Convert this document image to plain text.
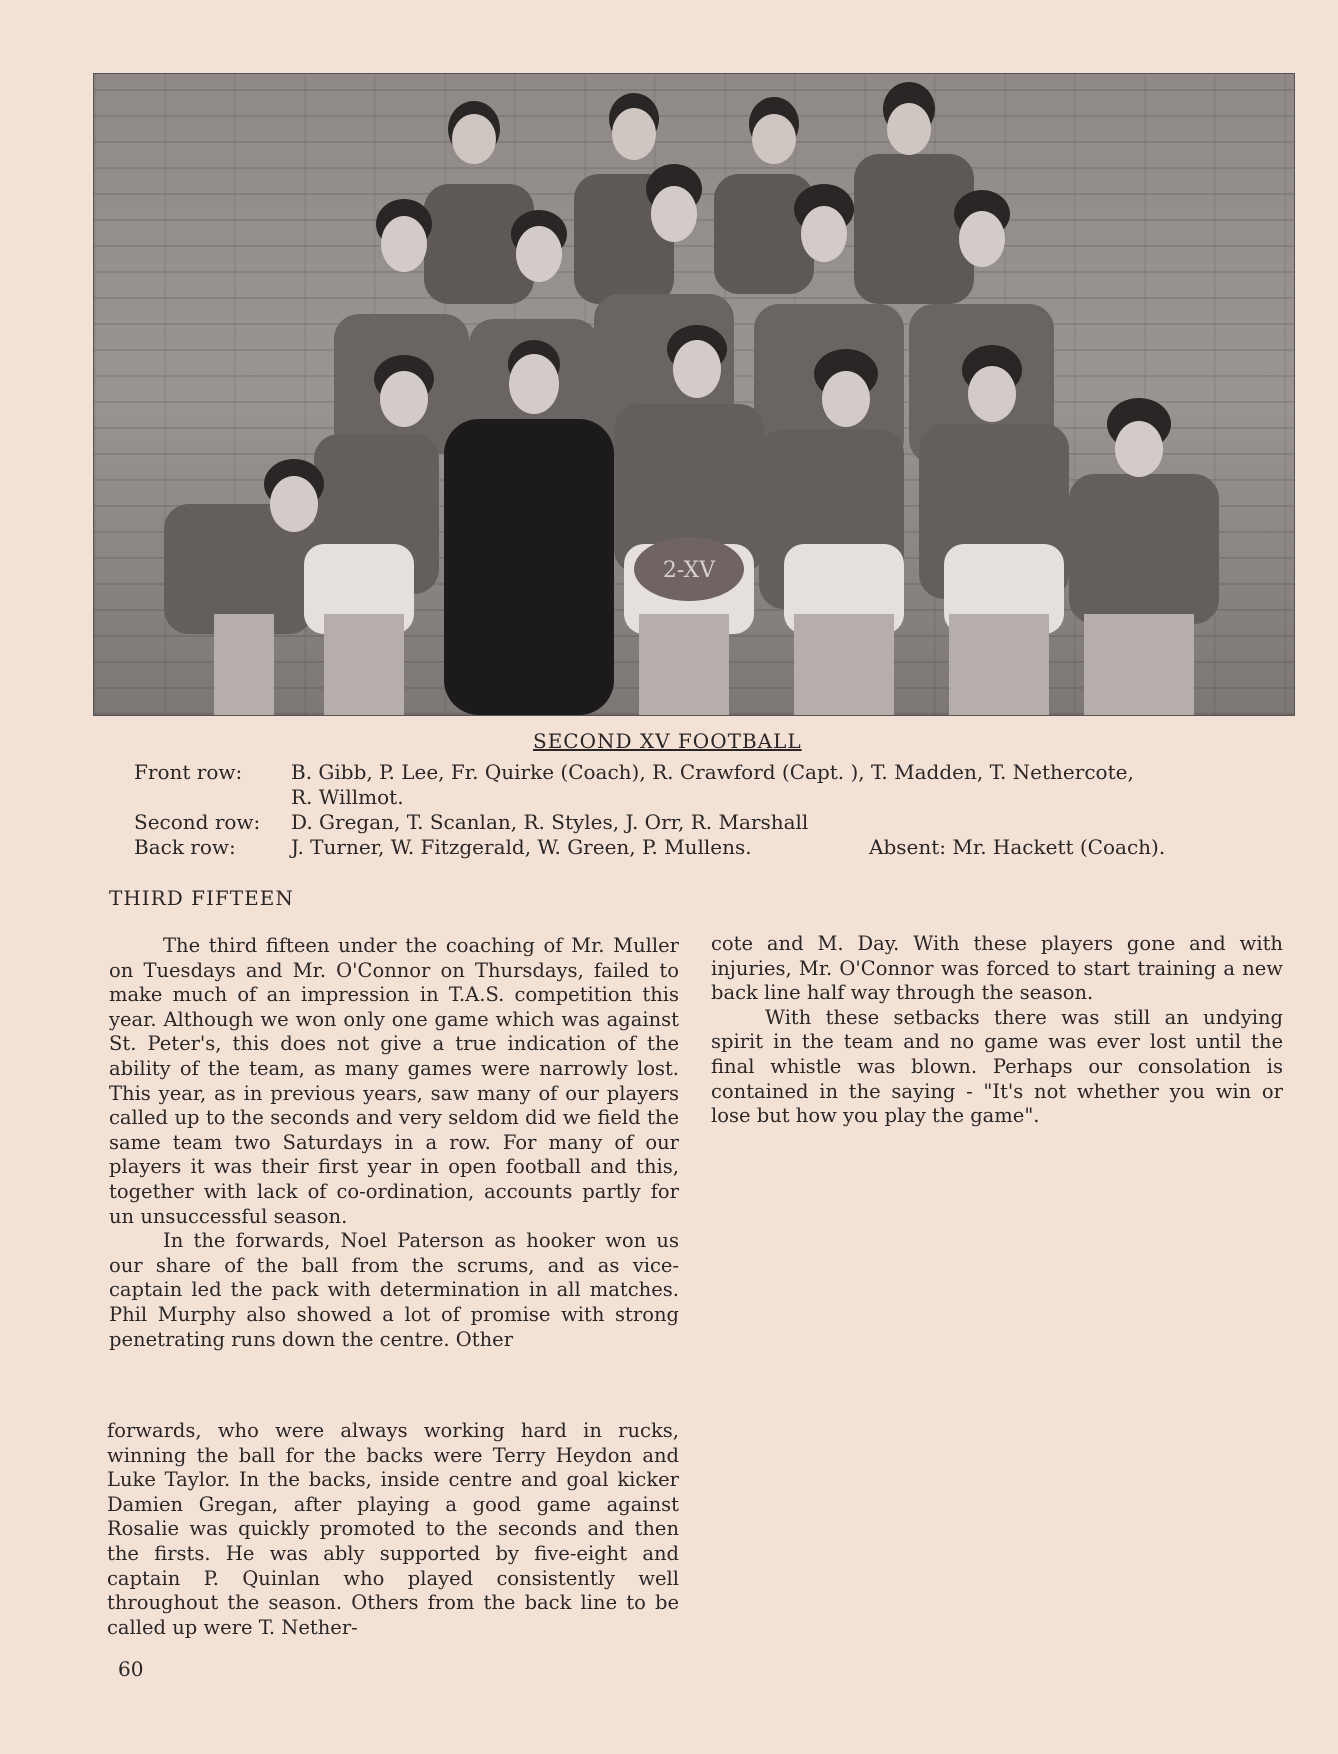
2-XV
SECOND XV FOOTBALL
Front row:	B. Gibb, P. Lee, Fr. Quirke (Coach), R. Crawford (Capt. ), T. Madden, T. Nethercote,
R. Willmot.
Second row:	D. Gregan, T. Scanlan, R. Styles, J. Orr, R. Marshall
Back row:	J. Turner, W. Fitzgerald, W. Green, P. Mullens.	Absent: Mr. Hackett (Coach).
THIRD FIFTEEN

The third fifteen under the coaching of Mr. Muller on Tuesdays and Mr. O'Connor on Thursdays, failed to make much of an impression in T.A.S. competition this year. Although we won only one game which was against St. Peter's, this does not give a true indication of the ability of the team, as many games were narrowly lost. This year, as in previous years, saw many of our players called up to the seconds and very seldom did we field the same team two Saturdays in a row. For many of our players it was their first year in open football and this, together with lack of co-ordination, accounts partly for un unsuccessful season.

In the forwards, Noel Paterson as hooker won us our share of the ball from the scrums, and as vice-captain led the pack with determination in all matches. Phil Murphy also showed a lot of promise with strong penetrating runs down the centre. Other

forwards, who were always working hard in rucks, winning the ball for the backs were Terry Heydon and Luke Taylor. In the backs, inside centre and goal kicker Damien Gregan, after playing a good game against Rosalie was quickly promoted to the seconds and then the firsts. He was ably supported by five-eight and captain P. Quinlan who played consistently well throughout the season. Others from the back line to be called up were T. Nether-

cote and M. Day. With these players gone and with injuries, Mr. O'Connor was forced to start training a new back line half way through the season.

With these setbacks there was still an undying spirit in the team and no game was ever lost until the final whistle was blown. Perhaps our consolation is contained in the saying - "It's not whether you win or lose but how you play the game".

60
